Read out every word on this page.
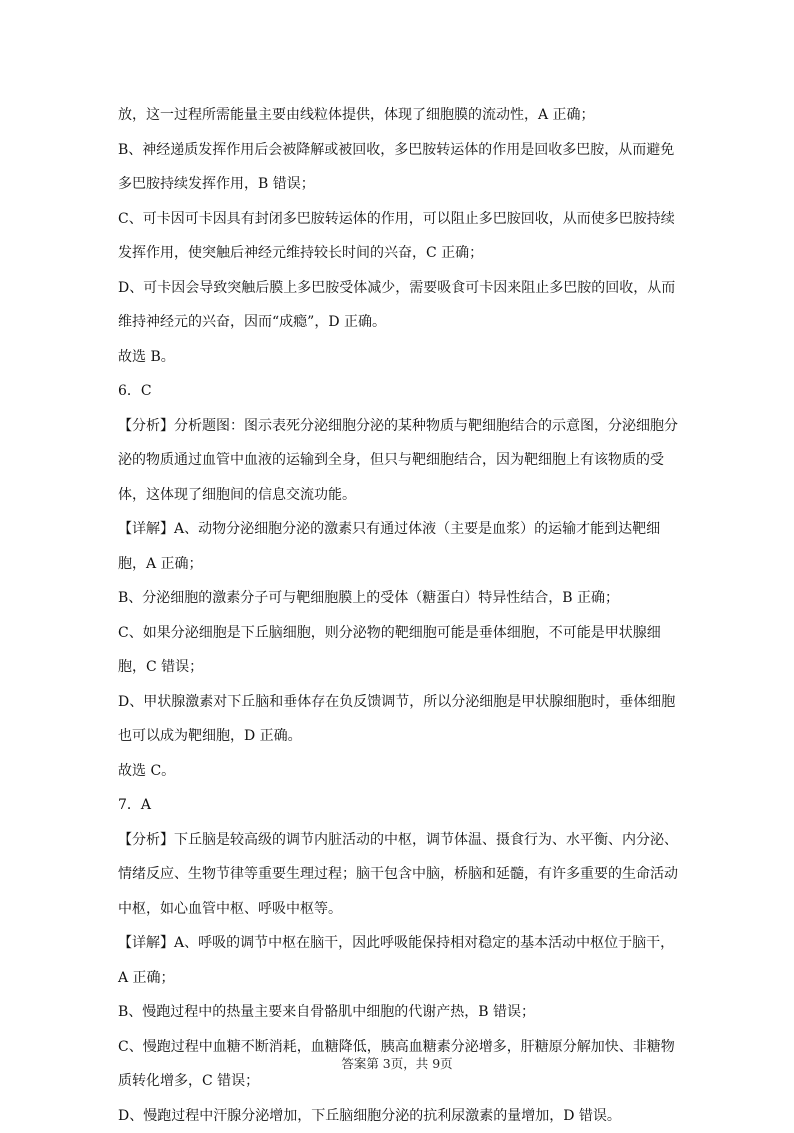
放，这一过程所需能量主要由线粒体提供，体现了细胞膜的流动性，A 正确；

B、神经递质发挥作用后会被降解或被回收，多巴胺转运体的作用是回收多巴胺，从而避免多巴胺持续发挥作用，B 错误；

C、可卡因可卡因具有封闭多巴胺转运体的作用，可以阻止多巴胺回收，从而使多巴胺持续发挥作用，使突触后神经元维持较长时间的兴奋，C 正确；

D、可卡因会导致突触后膜上多巴胺受体减少，需要吸食可卡因来阻止多巴胺的回收，从而维持神经元的兴奋，因而“成瘾”，D 正确。

故选 B。

6．C

【分析】分析题图：图示表死分泌细胞分泌的某种物质与靶细胞结合的示意图，分泌细胞分泌的物质通过血管中血液的运输到全身，但只与靶细胞结合，因为靶细胞上有该物质的受体，这体现了细胞间的信息交流功能。

【详解】A、动物分泌细胞分泌的激素只有通过体液（主要是血浆）的运输才能到达靶细胞，A 正确；

B、分泌细胞的激素分子可与靶细胞膜上的受体（糖蛋白）特异性结合，B 正确；

C、如果分泌细胞是下丘脑细胞，则分泌物的靶细胞可能是垂体细胞，不可能是甲状腺细胞，C 错误；

D、甲状腺激素对下丘脑和垂体存在负反馈调节，所以分泌细胞是甲状腺细胞时，垂体细胞也可以成为靶细胞，D 正确。

故选 C。

7．A

【分析】下丘脑是较高级的调节内脏活动的中枢，调节体温、摄食行为、水平衡、内分泌、情绪反应、生物节律等重要生理过程；脑干包含中脑，桥脑和延髓，有许多重要的生命活动中枢，如心血管中枢、呼吸中枢等。

【详解】A、呼吸的调节中枢在脑干，因此呼吸能保持相对稳定的基本活动中枢位于脑干，A 正确；

B、慢跑过程中的热量主要来自骨骼肌中细胞的代谢产热，B 错误；

C、慢跑过程中血糖不断消耗，血糖降低，胰高血糖素分泌增多，肝糖原分解加快、非糖物质转化增多，C 错误；

D、慢跑过程中汗腺分泌增加，下丘脑细胞分泌的抗利尿激素的量增加，D 错误。

答案第 3页，共 9页
